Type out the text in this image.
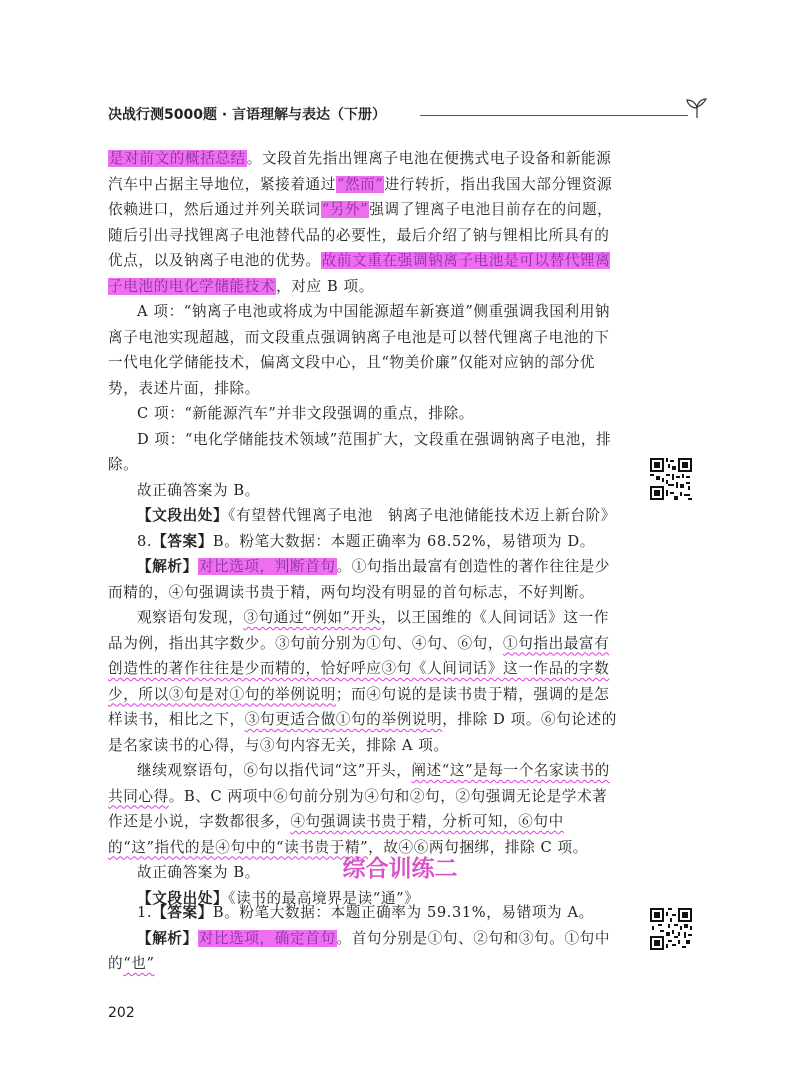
决战行测5000题 · 言语理解与表达（下册）

是对前文的概括总结。文段首先指出锂离子电池在便携式电子设备和新能源汽车中占据主导地位，紧接着通过“然而”进行转折，指出我国大部分锂资源依赖进口，然后通过并列关联词“另外”强调了锂离子电池目前存在的问题，随后引出寻找锂离子电池替代品的必要性，最后介绍了钠与锂相比所具有的优点，以及钠离子电池的优势。故前文重在强调钠离子电池是可以替代锂离子电池的电化学储能技术，对应 B 项。

A 项：“钠离子电池或将成为中国能源超车新赛道”侧重强调我国利用钠离子电池实现超越，而文段重点强调钠离子电池是可以替代锂离子电池的下一代电化学储能技术，偏离文段中心，且“物美价廉”仅能对应钠的部分优势，表述片面，排除。

C 项：“新能源汽车”并非文段强调的重点，排除。

D 项：“电化学储能技术领域”范围扩大，文段重在强调钠离子电池，排除。

故正确答案为 B。

【文段出处】《有望替代锂离子电池　钠离子电池储能技术迈上新台阶》

8.【答案】B。粉笔大数据：本题正确率为 68.52%，易错项为 D。

【解析】对比选项，判断首句。①句指出最富有创造性的著作往往是少而精的，④句强调读书贵于精，两句均没有明显的首句标志，不好判断。

观察语句发现，③句通过“例如”开头，以王国维的《人间词话》这一作品为例，指出其字数少。③句前分别为①句、④句、⑥句，①句指出最富有创造性的著作往往是少而精的，恰好呼应③句《人间词话》这一作品的字数少，所以③句是对①句的举例说明；而④句说的是读书贵于精，强调的是怎样读书，相比之下，③句更适合做①句的举例说明，排除 D 项。⑥句论述的是名家读书的心得，与③句内容无关，排除 A 项。

继续观察语句，⑥句以指代词“这”开头，阐述“这”是每一个名家读书的共同心得。B、C 两项中⑥句前分别为④句和②句，②句强调无论是学术著作还是小说，字数都很多，④句强调读书贵于精，分析可知，⑥句中的“这”指代的是④句中的“读书贵于精”，故④⑥两句捆绑，排除 C 项。

故正确答案为 B。

【文段出处】《读书的最高境界是读“通”》

综合训练二

1.【答案】B。粉笔大数据：本题正确率为 59.31%，易错项为 A。

【解析】对比选项，确定首句。首句分别是①句、②句和③句。①句中的“也”

202
